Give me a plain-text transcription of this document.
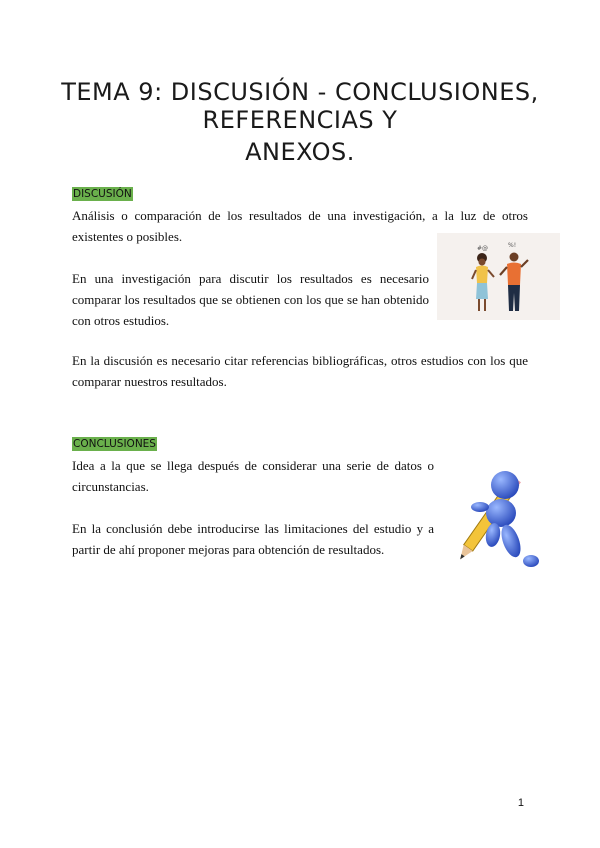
TEMA 9: DISCUSIÓN - CONCLUSIONES, REFERENCIAS Y
ANEXOS.
DISCUSIÓN

Análisis o comparación de los resultados de una investigación, a la luz de otros existentes o posibles.

En una investigación para discutir los resultados es necesario comparar los resultados que se obtienen con los que se han obtenido con otros estudios.

En la discusión es necesario citar referencias bibliográficas, otros estudios con los que comparar nuestros resultados.

#@	%!
CONCLUSIONES

Idea a la que se llega después de considerar una serie de datos o circunstancias.

En la conclusión debe introducirse las limitaciones del estudio y a partir de ahí proponer mejoras para obtención de resultados.

1
